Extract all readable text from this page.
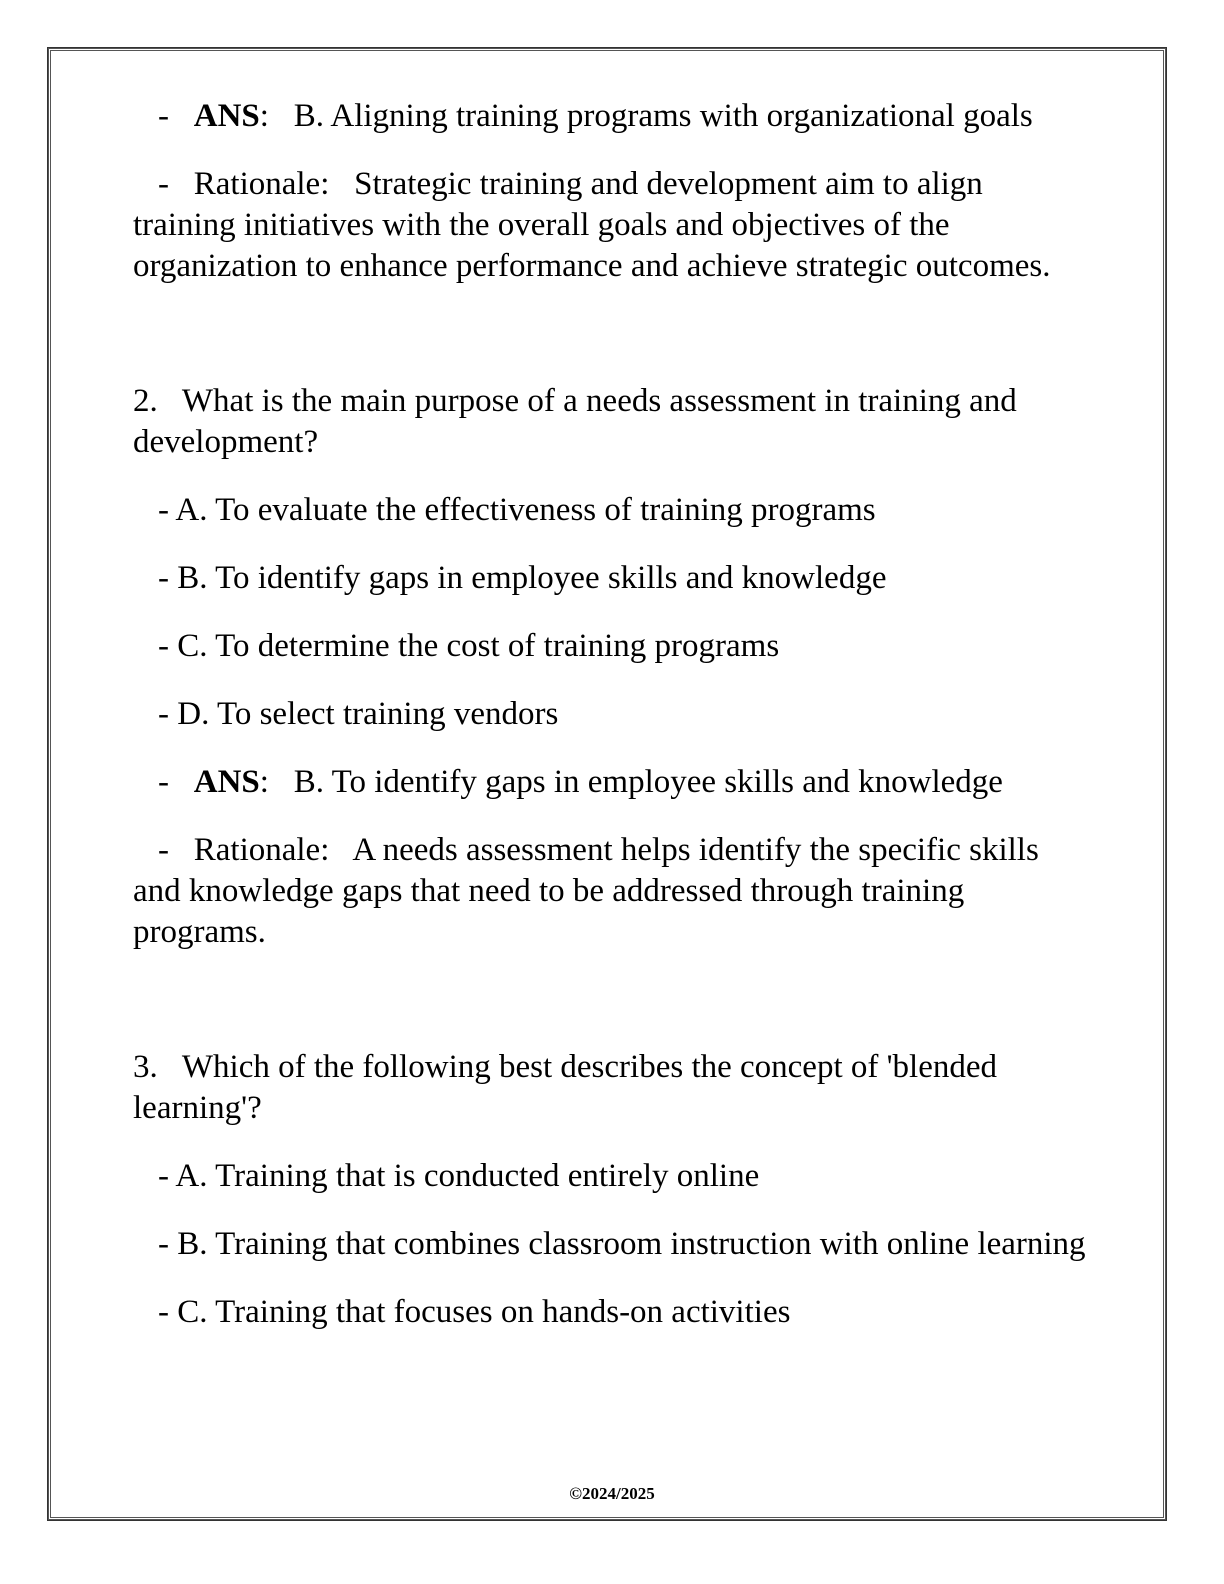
- ANS: B. Aligning training programs with organizational goals

- Rationale: Strategic training and development aim to align training initiatives with the overall goals and objectives of the organization to enhance performance and achieve strategic outcomes.

2. What is the main purpose of a needs assessment in training and development?

- A. To evaluate the effectiveness of training programs

- B. To identify gaps in employee skills and knowledge

- C. To determine the cost of training programs

- D. To select training vendors

- ANS: B. To identify gaps in employee skills and knowledge

- Rationale: A needs assessment helps identify the specific skills and knowledge gaps that need to be addressed through training programs.

3. Which of the following best describes the concept of 'blended learning'?

- A. Training that is conducted entirely online

- B. Training that combines classroom instruction with online learning

- C. Training that focuses on hands-on activities

©2024/2025
